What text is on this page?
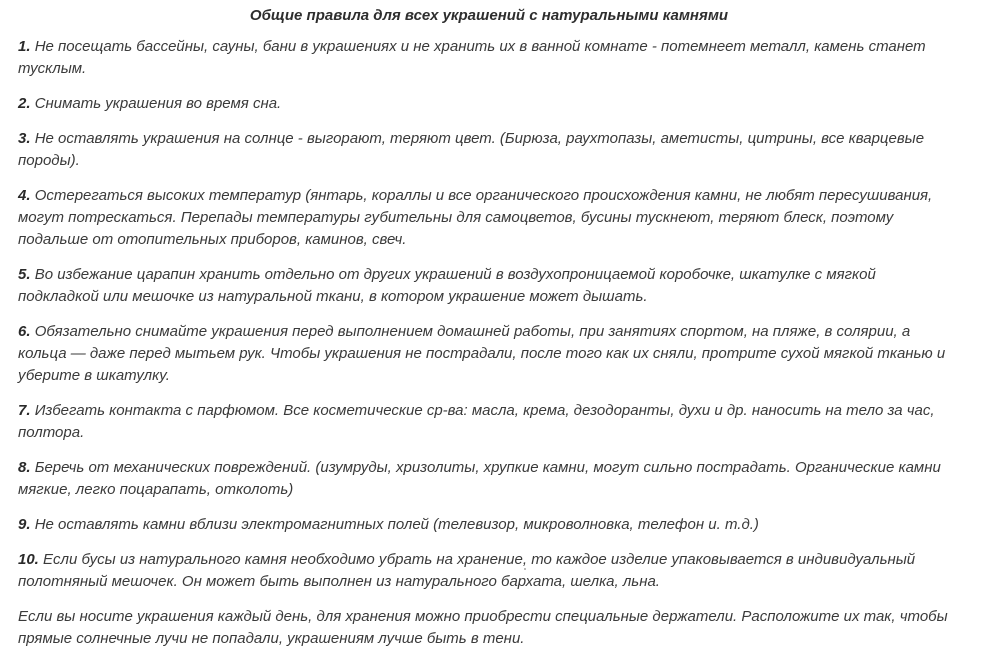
Общие правила для всех украшений с натуральными камнями
1. Не посещать бассейны, сауны, бани в украшениях и не хранить их в ванной комнате - потемнеет металл, камень станет тусклым.
2. Снимать украшения во время сна.
3. Не оставлять украшения на солнце - выгорают, теряют цвет. (Бирюза, раухтопазы, аметисты, цитрины, все кварцевые породы).
4. Остерегаться высоких температур (янтарь, кораллы и все органического происхождения камни, не любят пересушивания, могут потрескаться. Перепады температуры губительны для самоцветов, бусины тускнеют, теряют блеск, поэтому подальше от отопительных приборов, каминов, свеч.
5. Во избежание царапин хранить отдельно от других украшений в воздухопроницаемой коробочке, шкатулке с мягкой подкладкой или мешочке из натуральной ткани, в котором украшение может дышать.
6. Обязательно снимайте украшения перед выполнением домашней работы, при занятиях спортом, на пляже, в солярии, а кольца — даже перед мытьем рук. Чтобы украшения не пострадали, после того как их сняли, протрите сухой мягкой тканью и уберите в шкатулку.
7. Избегать контакта с парфюмом. Все косметические ср-ва: масла, крема, дезодоранты, духи и др. наносить на тело за час, полтора.
8. Беречь от механических повреждений. (изумруды, хризолиты, хрупкие камни, могут сильно пострадать. Органические камни мягкие, легко поцарапать, отколоть)
9. Не оставлять камни вблизи электромагнитных полей (телевизор, микроволновка, телефон и. т.д.)
10. Если бусы из натурального камня необходимо убрать на хранение, то каждое изделие упаковывается в индивидуальный полотняный мешочек. Он может быть выполнен из натурального бархата, шелка, льна.
Если вы носите украшения каждый день, для хранения можно приобрести специальные держатели. Расположите их так, чтобы прямые солнечные лучи не попадали, украшениям лучше быть в тени.
